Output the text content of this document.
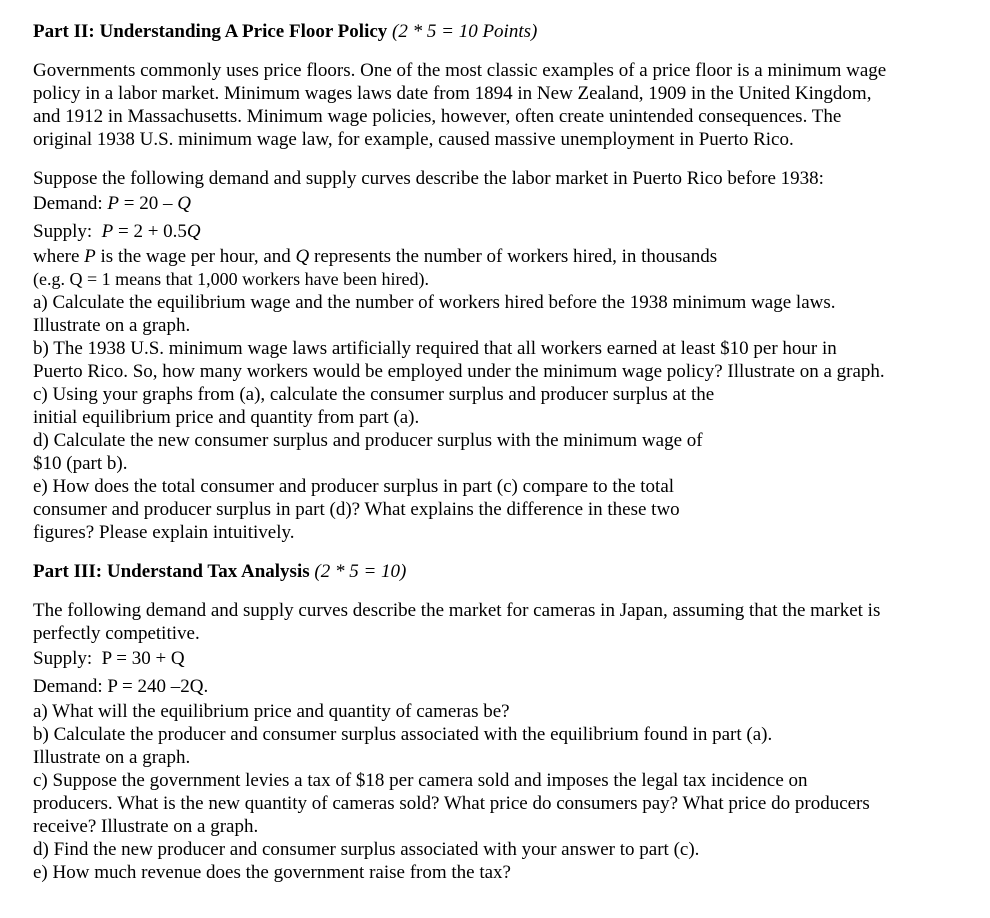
Part II: Understanding A Price Floor Policy (2 * 5 = 10 Points)
Governments commonly uses price floors. One of the most classic examples of a price floor is a minimum wage
policy in a labor market. Minimum wages laws date from 1894 in New Zealand, 1909 in the United Kingdom,
and 1912 in Massachusetts. Minimum wage policies, however, often create unintended consequences. The
original 1938 U.S. minimum wage law, for example, caused massive unemployment in Puerto Rico.
Suppose the following demand and supply curves describe the labor market in Puerto Rico before 1938:
Demand: P = 20 – Q
Supply:  P = 2 + 0.5Q
where P is the wage per hour, and Q represents the number of workers hired, in thousands
(e.g. Q = 1 means that 1,000 workers have been hired).
a) Calculate the equilibrium wage and the number of workers hired before the 1938 minimum wage laws.
Illustrate on a graph.
b) The 1938 U.S. minimum wage laws artificially required that all workers earned at least $10 per hour in
Puerto Rico. So, how many workers would be employed under the minimum wage policy? Illustrate on a graph.
c) Using your graphs from (a), calculate the consumer surplus and producer surplus at the
initial equilibrium price and quantity from part (a).
d) Calculate the new consumer surplus and producer surplus with the minimum wage of
$10 (part b).
e) How does the total consumer and producer surplus in part (c) compare to the total
consumer and producer surplus in part (d)? What explains the difference in these two
figures? Please explain intuitively.
Part III: Understand Tax Analysis (2 * 5 = 10)
The following demand and supply curves describe the market for cameras in Japan, assuming that the market is
perfectly competitive.
Supply:  P = 30 + Q
Demand: P = 240 –2Q.
a) What will the equilibrium price and quantity of cameras be?
b) Calculate the producer and consumer surplus associated with the equilibrium found in part (a).
Illustrate on a graph.
c) Suppose the government levies a tax of $18 per camera sold and imposes the legal tax incidence on
producers. What is the new quantity of cameras sold? What price do consumers pay? What price do producers
receive? Illustrate on a graph.
d) Find the new producer and consumer surplus associated with your answer to part (c).
e) How much revenue does the government raise from the tax?
